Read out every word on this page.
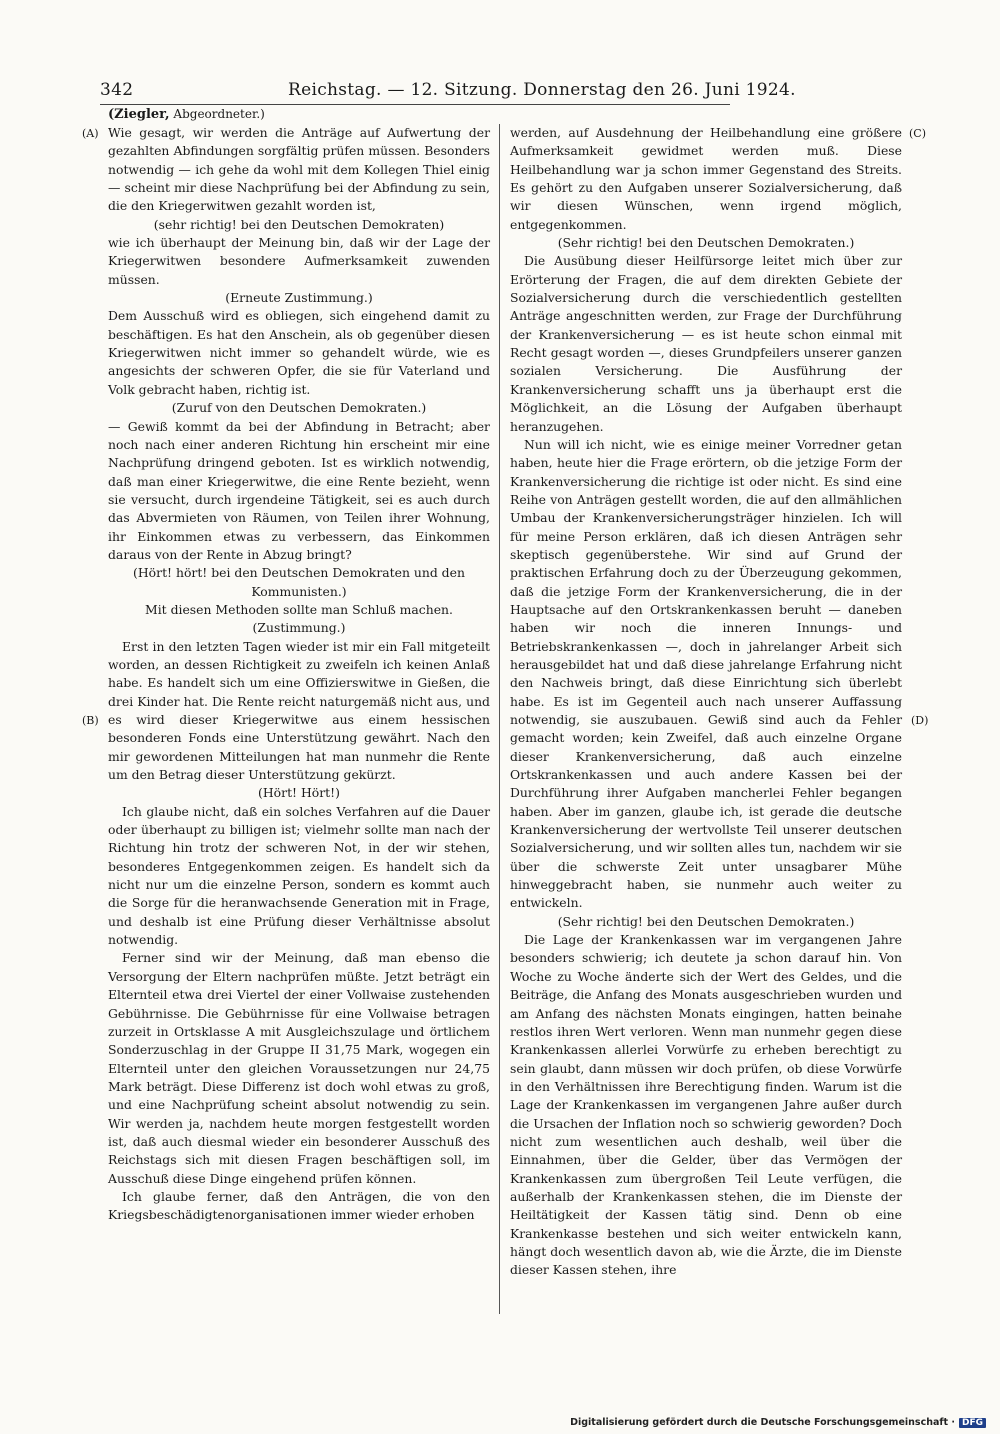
342	Reichstag. — 12. Sitzung. Donnerstag den 26. Juni 1924.
(Ziegler, Abgeordneter.)
(A)
(B)
(C)
(D)

Wie gesagt, wir werden die Anträge auf Aufwertung der gezahlten Abfindungen sorgfältig prüfen müssen. Besonders notwendig — ich gehe da wohl mit dem Kollegen Thiel einig — scheint mir diese Nachprüfung bei der Abfindung zu sein, die den Kriegerwitwen gezahlt worden ist,

(sehr richtig! bei den Deutschen Demokraten)

wie ich überhaupt der Meinung bin, daß wir der Lage der Kriegerwitwen besondere Aufmerksamkeit zuwenden müssen.

(Erneute Zustimmung.)

Dem Ausschuß wird es obliegen, sich eingehend damit zu beschäftigen. Es hat den Anschein, als ob gegenüber diesen Kriegerwitwen nicht immer so gehandelt würde, wie es angesichts der schweren Opfer, die sie für Vaterland und Volk gebracht haben, richtig ist.

(Zuruf von den Deutschen Demokraten.)

— Gewiß kommt da bei der Abfindung in Betracht; aber noch nach einer anderen Richtung hin erscheint mir eine Nachprüfung dringend geboten. Ist es wirklich notwendig, daß man einer Kriegerwitwe, die eine Rente bezieht, wenn sie versucht, durch irgendeine Tätigkeit, sei es auch durch das Abvermieten von Räumen, von Teilen ihrer Wohnung, ihr Einkommen etwas zu verbessern, das Einkommen daraus von der Rente in Abzug bringt?

(Hört! hört! bei den Deutschen Demokraten und den Kommunisten.)

Mit diesen Methoden sollte man Schluß machen.

(Zustimmung.)

Erst in den letzten Tagen wieder ist mir ein Fall mitgeteilt worden, an dessen Richtigkeit zu zweifeln ich keinen Anlaß habe. Es handelt sich um eine Offizierswitwe in Gießen, die drei Kinder hat. Die Rente reicht naturgemäß nicht aus, und es wird dieser Kriegerwitwe aus einem hessischen besonderen Fonds eine Unterstützung gewährt. Nach den mir gewordenen Mitteilungen hat man nunmehr die Rente um den Betrag dieser Unterstützung gekürzt.

(Hört! Hört!)

Ich glaube nicht, daß ein solches Verfahren auf die Dauer oder überhaupt zu billigen ist; vielmehr sollte man nach der Richtung hin trotz der schweren Not, in der wir stehen, besonderes Entgegenkommen zeigen. Es handelt sich da nicht nur um die einzelne Person, sondern es kommt auch die Sorge für die heranwachsende Generation mit in Frage, und deshalb ist eine Prüfung dieser Verhältnisse absolut notwendig.

Ferner sind wir der Meinung, daß man ebenso die Versorgung der Eltern nachprüfen müßte. Jetzt beträgt ein Elternteil etwa drei Viertel der einer Vollwaise zustehenden Gebührnisse. Die Gebührnisse für eine Vollwaise betragen zurzeit in Ortsklasse A mit Ausgleichszulage und örtlichem Sonderzuschlag in der Gruppe II 31,75 Mark, wogegen ein Elternteil unter den gleichen Voraussetzungen nur 24,75 Mark beträgt. Diese Differenz ist doch wohl etwas zu groß, und eine Nachprüfung scheint absolut notwendig zu sein. Wir werden ja, nachdem heute morgen festgestellt worden ist, daß auch diesmal wieder ein besonderer Ausschuß des Reichstags sich mit diesen Fragen beschäftigen soll, im Ausschuß diese Dinge eingehend prüfen können.

Ich glaube ferner, daß den Anträgen, die von den Kriegsbeschädigtenorganisationen immer wieder erhoben

werden, auf Ausdehnung der Heilbehandlung eine größere Aufmerksamkeit gewidmet werden muß. Diese Heilbehandlung war ja schon immer Gegenstand des Streits. Es gehört zu den Aufgaben unserer Sozialversicherung, daß wir diesen Wünschen, wenn irgend möglich, entgegenkommen.

(Sehr richtig! bei den Deutschen Demokraten.)

Die Ausübung dieser Heilfürsorge leitet mich über zur Erörterung der Fragen, die auf dem direkten Gebiete der Sozialversicherung durch die verschiedentlich gestellten Anträge angeschnitten werden, zur Frage der Durchführung der Krankenversicherung — es ist heute schon einmal mit Recht gesagt worden —, dieses Grundpfeilers unserer ganzen sozialen Versicherung. Die Ausführung der Krankenversicherung schafft uns ja überhaupt erst die Möglichkeit, an die Lösung der Aufgaben überhaupt heranzugehen.

Nun will ich nicht, wie es einige meiner Vorredner getan haben, heute hier die Frage erörtern, ob die jetzige Form der Krankenversicherung die richtige ist oder nicht. Es sind eine Reihe von Anträgen gestellt worden, die auf den allmählichen Umbau der Krankenversicherungsträger hinzielen. Ich will für meine Person erklären, daß ich diesen Anträgen sehr skeptisch gegenüberstehe. Wir sind auf Grund der praktischen Erfahrung doch zu der Überzeugung gekommen, daß die jetzige Form der Krankenversicherung, die in der Hauptsache auf den Ortskrankenkassen beruht — daneben haben wir noch die inneren Innungs- und Betriebskrankenkassen —, doch in jahrelanger Arbeit sich herausgebildet hat und daß diese jahrelange Erfahrung nicht den Nachweis bringt, daß diese Einrichtung sich überlebt habe. Es ist im Gegenteil auch nach unserer Auffassung notwendig, sie auszubauen. Gewiß sind auch da Fehler gemacht worden; kein Zweifel, daß auch einzelne Organe dieser Krankenversicherung, daß auch einzelne Ortskrankenkassen und auch andere Kassen bei der Durchführung ihrer Aufgaben mancherlei Fehler begangen haben. Aber im ganzen, glaube ich, ist gerade die deutsche Krankenversicherung der wertvollste Teil unserer deutschen Sozialversicherung, und wir sollten alles tun, nachdem wir sie über die schwerste Zeit unter unsagbarer Mühe hinweggebracht haben, sie nunmehr auch weiter zu entwickeln.

(Sehr richtig! bei den Deutschen Demokraten.)

Die Lage der Krankenkassen war im vergangenen Jahre besonders schwierig; ich deutete ja schon darauf hin. Von Woche zu Woche änderte sich der Wert des Geldes, und die Beiträge, die Anfang des Monats ausgeschrieben wurden und am Anfang des nächsten Monats eingingen, hatten beinahe restlos ihren Wert verloren. Wenn man nunmehr gegen diese Krankenkassen allerlei Vorwürfe zu erheben berechtigt zu sein glaubt, dann müssen wir doch prüfen, ob diese Vorwürfe in den Verhältnissen ihre Berechtigung finden. Warum ist die Lage der Krankenkassen im vergangenen Jahre außer durch die Ursachen der Inflation noch so schwierig geworden? Doch nicht zum wesentlichen auch deshalb, weil über die Einnahmen, über die Gelder, über das Vermögen der Krankenkassen zum übergroßen Teil Leute verfügen, die außerhalb der Krankenkassen stehen, die im Dienste der Heiltätigkeit der Kassen tätig sind. Denn ob eine Krankenkasse bestehen und sich weiter entwickeln kann, hängt doch wesentlich davon ab, wie die Ärzte, die im Dienste dieser Kassen stehen, ihre

Digitalisierung gefördert durch die Deutsche Forschungsgemeinschaft · DFG
